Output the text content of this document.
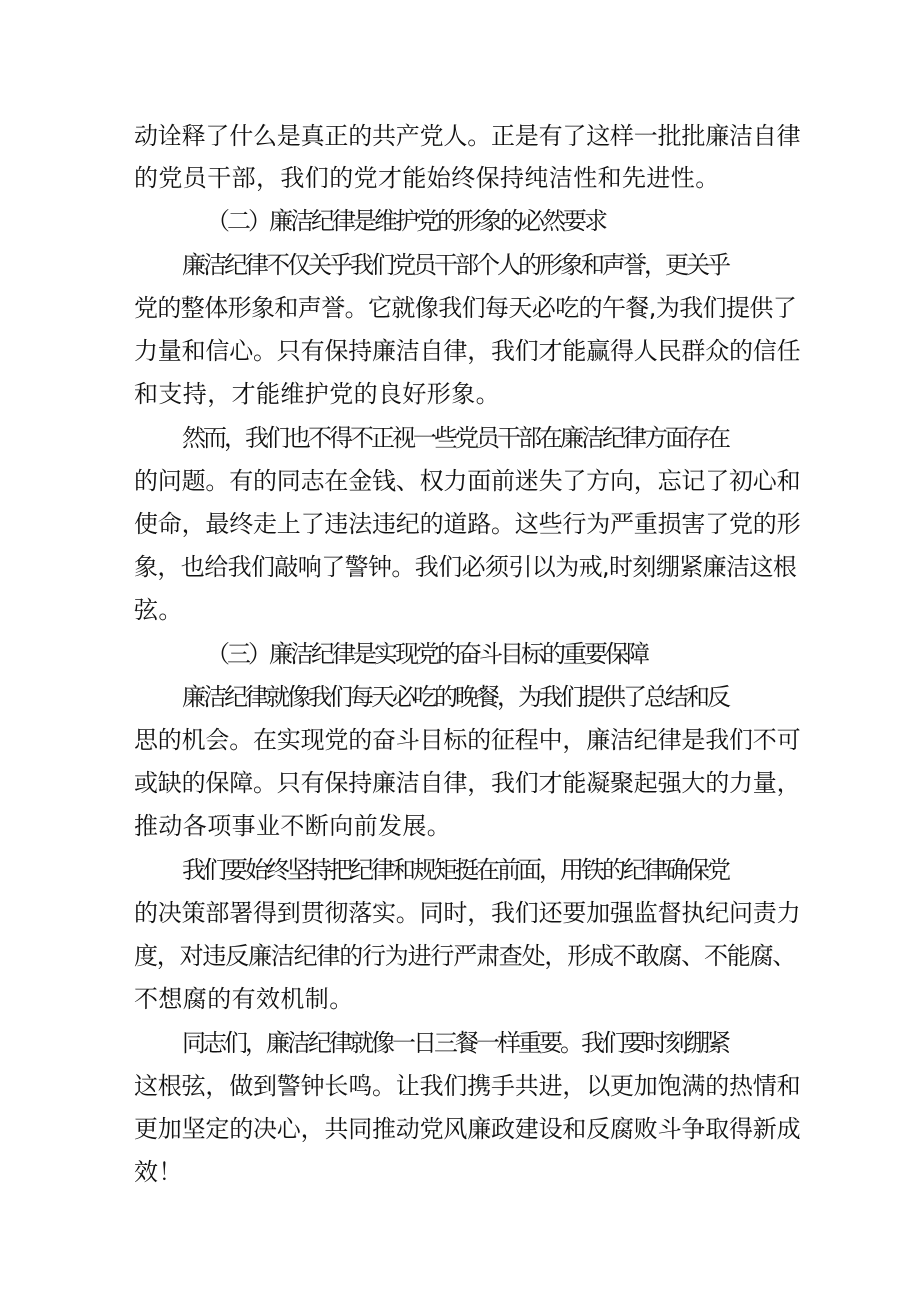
动诠释了什么是真正的共产党人。正是有了这样一批批廉洁自律
的党员干部，我们的党才能始终保持纯洁性和先进性。
（二）廉洁纪律是维护党的形象的必然要求
廉洁纪律不仅关乎我们党员干部个人的形象和声誉，更关乎
党的整体形象和声誉。它就像我们每天必吃的午餐,为我们提供了
力量和信心。只有保持廉洁自律，我们才能赢得人民群众的信任
和支持，才能维护党的良好形象。
然而，我们也不得不正视一些党员干部在廉洁纪律方面存在
的问题。有的同志在金钱、权力面前迷失了方向，忘记了初心和
使命，最终走上了违法违纪的道路。这些行为严重损害了党的形
象，也给我们敲响了警钟。我们必须引以为戒,时刻绷紧廉洁这根
弦。
（三）廉洁纪律是实现党的奋斗目标的重要保障
廉洁纪律就像我们每天必吃的晚餐，为我们提供了总结和反
思的机会。在实现党的奋斗目标的征程中，廉洁纪律是我们不可
或缺的保障。只有保持廉洁自律，我们才能凝聚起强大的力量，
推动各项事业不断向前发展。
我们要始终坚持把纪律和规矩挺在前面，用铁的纪律确保党
的决策部署得到贯彻落实。同时，我们还要加强监督执纪问责力
度，对违反廉洁纪律的行为进行严肃查处，形成不敢腐、不能腐、
不想腐的有效机制。
同志们，廉洁纪律就像一日三餐一样重要。我们要时刻绷紧
这根弦，做到警钟长鸣。让我们携手共进，以更加饱满的热情和
更加坚定的决心，共同推动党风廉政建设和反腐败斗争取得新成
效！
